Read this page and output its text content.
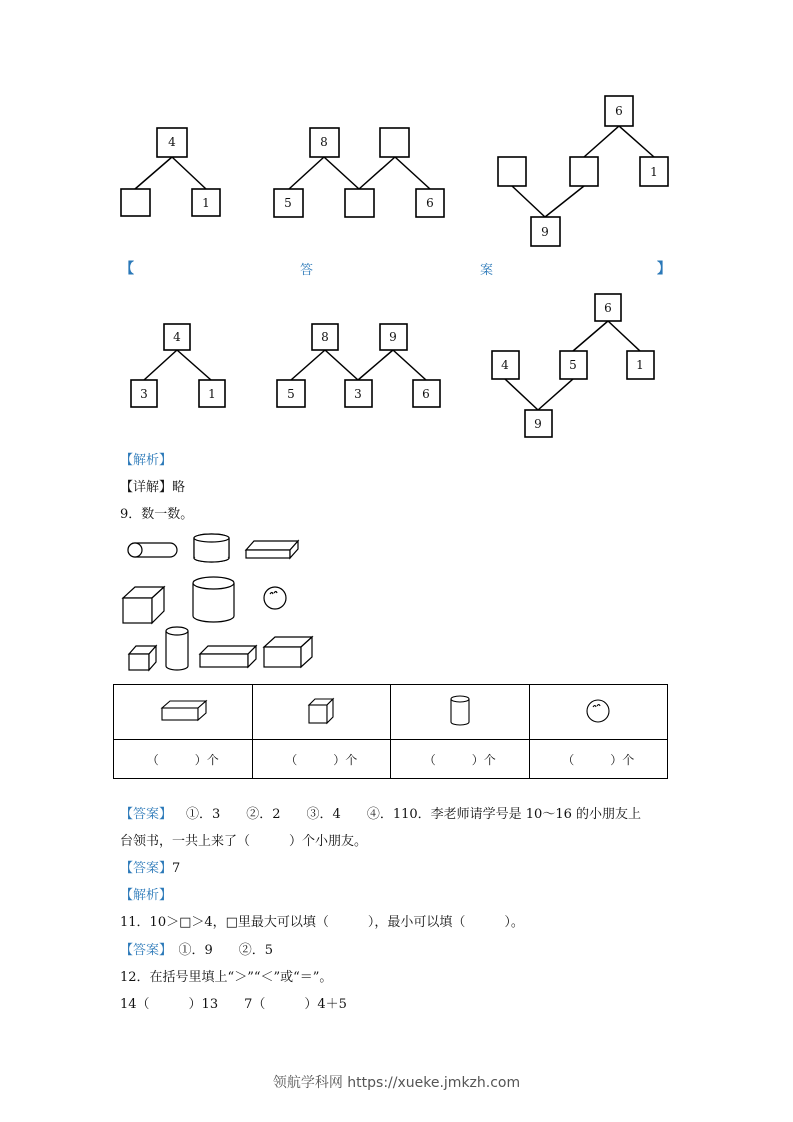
4
1
8
5	6
6
1
9
【	答	案	】
4
3	1
8	9
5	3	6
6
4	5	1
9
【解析】
【详解】略
9．数一数。

（　　　）个	（　　　）个	（　　　）个	（　　　）个
【答案】 ①．3　　②．2　　③．4　　④．110．李老师请学号是 10～16 的小朋友上
台领书，一共上来了（　　　）个小朋友。
【答案】7
【解析】
11．10＞□＞4，□里最大可以填（　　　），最小可以填（　　　）。
【答案】　①．9　　②．5
12．在括号里填上“＞”“＜”或“＝”。
14（　　　）13　　7（　　　）4＋5
领航学科网 https://xueke.jmkzh.com
